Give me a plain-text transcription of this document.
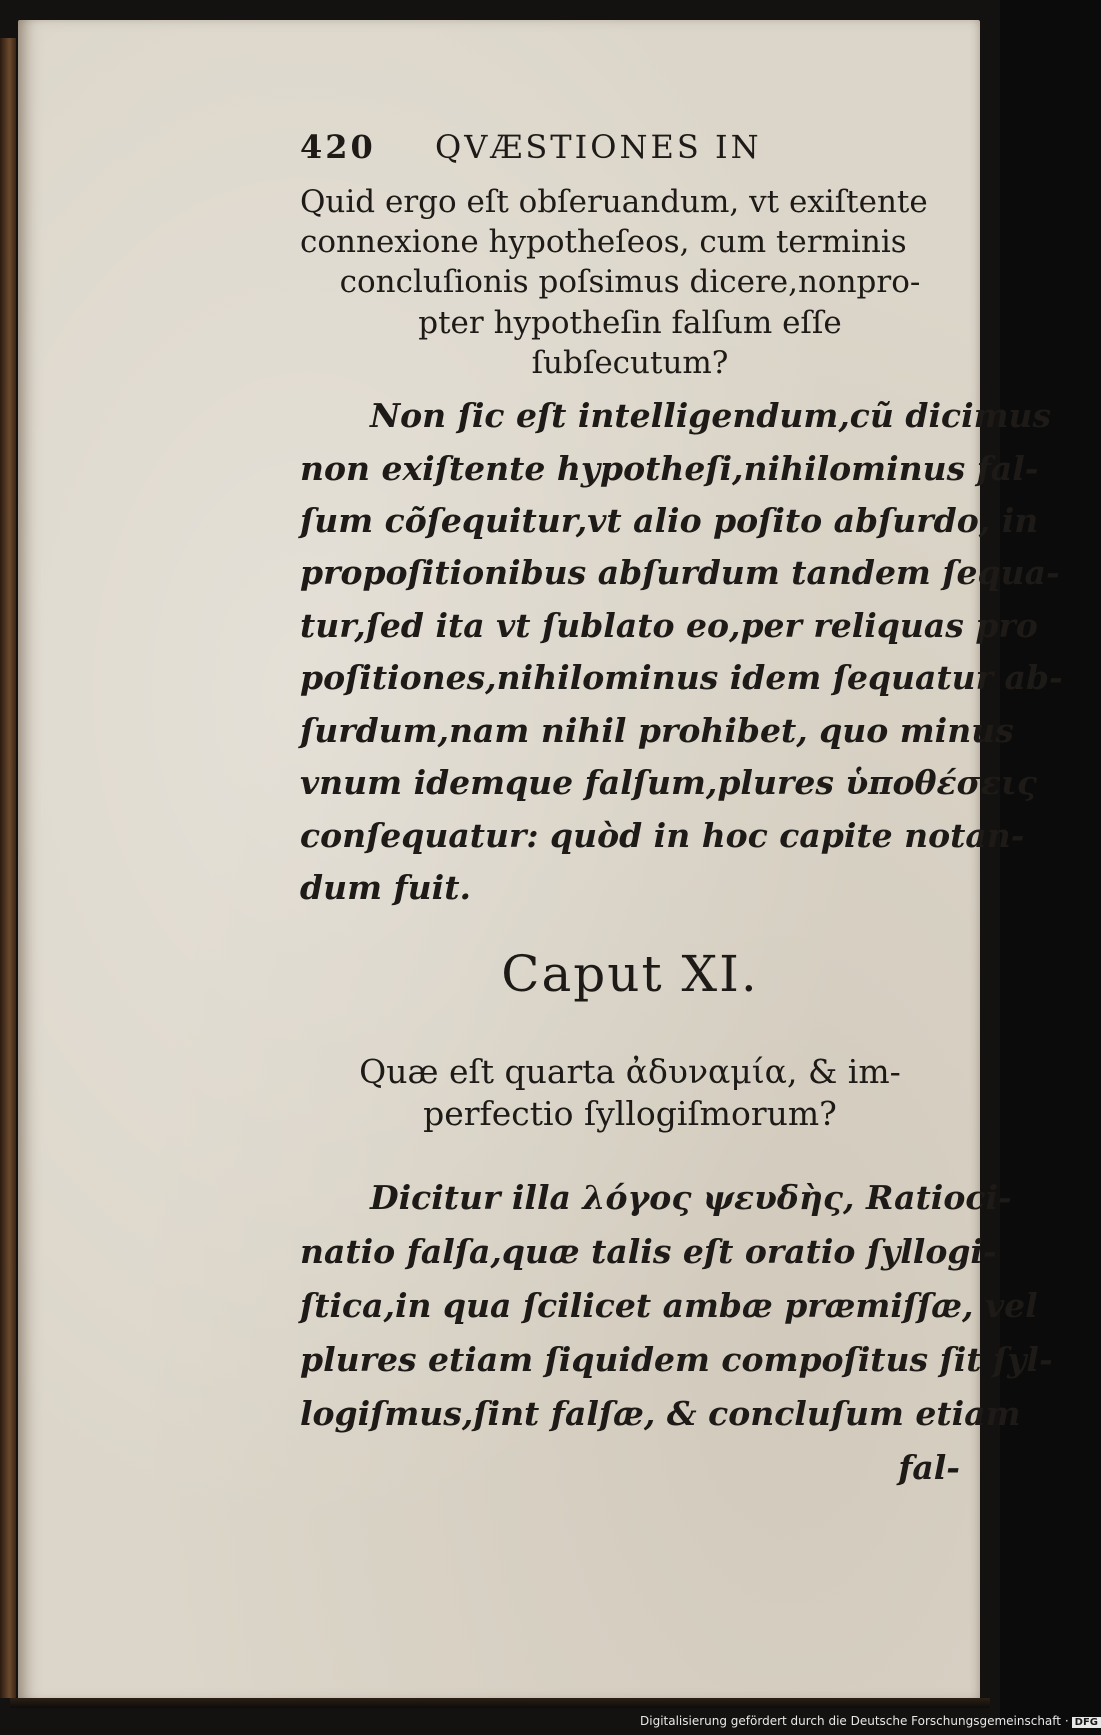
420 QVÆSTIONES IN
Quid ergo eſt obſeruandum, vt exiſtente
connexione hypotheſeos, cum terminis
concluſionis poſsimus dicere,nonpro-
pter hypotheſin falſum eſſe
ſubſecutum?
Non ſic eſt intelligendum,cũ dicimus
non exiſtente hypotheſi,nihilominus fal-
ſum cõſequitur,vt alio poſito abſurdo, in
propoſitionibus abſurdum tandem ſequa-
tur,ſed ita vt ſublato eo,per reliquas pro
poſitiones,nihilominus idem ſequatur ab-
ſurdum,nam nihil prohibet, quo minus
vnum idemque falſum,plures ὑποθέσεις
conſequatur: quòd in hoc capite notan-
dum fuit.
Caput XI.
Quæ eſt quarta ἀδυναμία, & im-
perfectio ſyllogiſmorum?
Dicitur illa λόγος ψευδὴς, Ratioci-
natio falſa,quæ talis eſt oratio ſyllogi-
ſtica,in qua ſcilicet ambæ præmiſſæ, vel
plures etiam ſiquidem compoſitus ſit ſyl-
logiſmus,ſint falſæ, & concluſum etiam
fal-
Digitalisierung gefördert durch die Deutsche Forschungsgemeinschaft · DFG
